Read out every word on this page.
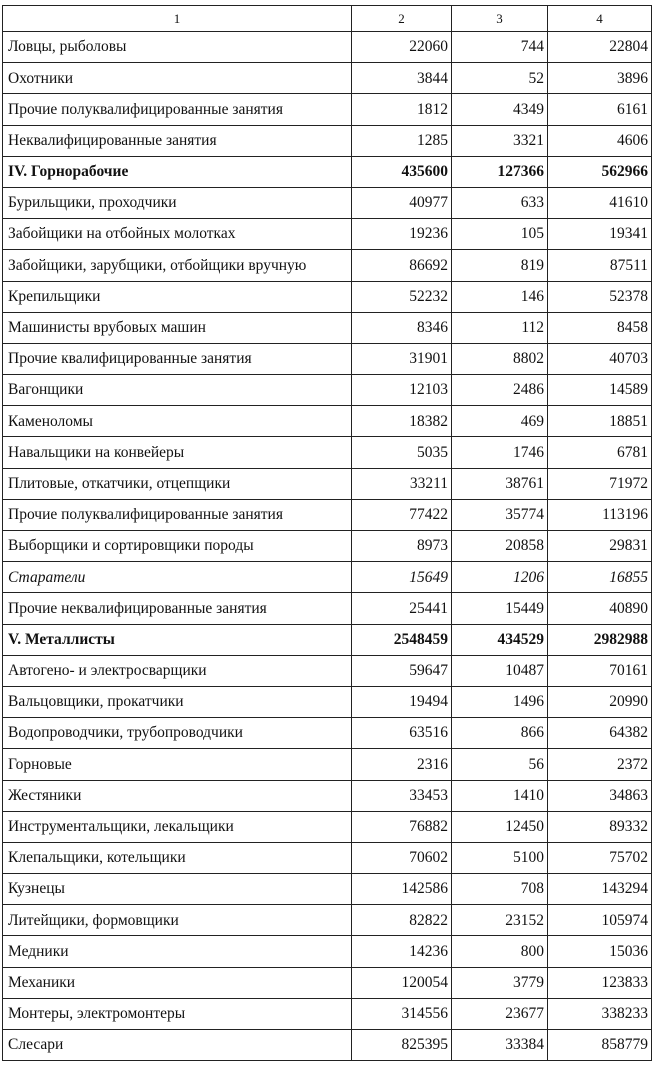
1	2	3	4
Ловцы, рыболовы	22060	744	22804
Охотники	3844	52	3896
Прочие полуквалифицированные занятия	1812	4349	6161
Неквалифицированные занятия	1285	3321	4606
IV. Горнорабочие	435600	127366	562966
Бурильщики, проходчики	40977	633	41610
Забойщики на отбойных молотках	19236	105	19341
Забойщики, зарубщики, отбойщики вручную	86692	819	87511
Крепильщики	52232	146	52378
Машинисты врубовых машин	8346	112	8458
Прочие квалифицированные занятия	31901	8802	40703
Вагонщики	12103	2486	14589
Каменоломы	18382	469	18851
Навальщики на конвейеры	5035	1746	6781
Плитовые, откатчики, отцепщики	33211	38761	71972
Прочие полуквалифицированные занятия	77422	35774	113196
Выборщики и сортировщики породы	8973	20858	29831
Старатели	15649	1206	16855
Прочие неквалифицированные занятия	25441	15449	40890
V. Металлисты	2548459	434529	2982988
Автогено- и электросварщики	59647	10487	70161
Вальцовщики, прокатчики	19494	1496	20990
Водопроводчики, трубопроводчики	63516	866	64382
Горновые	2316	56	2372
Жестяники	33453	1410	34863
Инструментальщики, лекальщики	76882	12450	89332
Клепальщики, котельщики	70602	5100	75702
Кузнецы	142586	708	143294
Литейщики, формовщики	82822	23152	105974
Медники	14236	800	15036
Механики	120054	3779	123833
Монтеры, электромонтеры	314556	23677	338233
Слесари	825395	33384	858779
